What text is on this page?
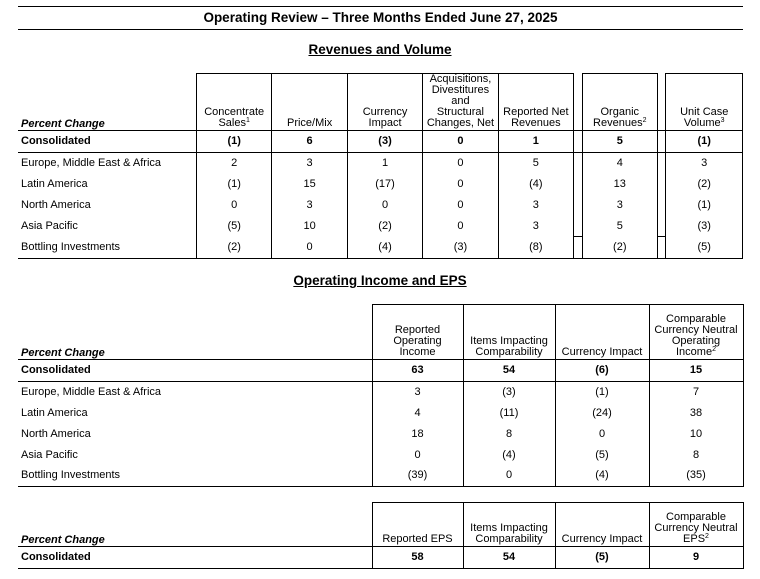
Operating Review – Three Months Ended June 27, 2025
Revenues and Volume
Percent Change	Concentrate Sales$^1$	Price/Mix	Currency Impact	Acquisitions, Divestitures and Structural Changes, Net	Reported Net Revenues		Organic Revenues$^2$		Unit Case Volume$^3$
Consolidated	(1)	6	(3)	0	1		5		(1)
Europe, Middle East & Africa	2	3	1	0	5		4		3
Latin America	(1)	15	(17)	0	(4)		13		(2)
North America	0	3	0	0	3		3		(1)
Asia Pacific	(5)	10	(2)	0	3		5		(3)
Bottling Investments	(2)	0	(4)	(3)	(8)		(2)		(5)
Operating Income and EPS
Percent Change	Reported Operating Income	Items Impacting Comparability	Currency Impact	Comparable Currency Neutral Operating Income$^2$
Consolidated	63	54	(6)	15
Europe, Middle East & Africa	3	(3)	(1)	7
Latin America	4	(11)	(24)	38
North America	18	8	0	10
Asia Pacific	0	(4)	(5)	8
Bottling Investments	(39)	0	(4)	(35)
Percent Change	Reported EPS	Items Impacting Comparability	Currency Impact	Comparable Currency Neutral EPS$^2$
Consolidated	58	54	(5)	9
